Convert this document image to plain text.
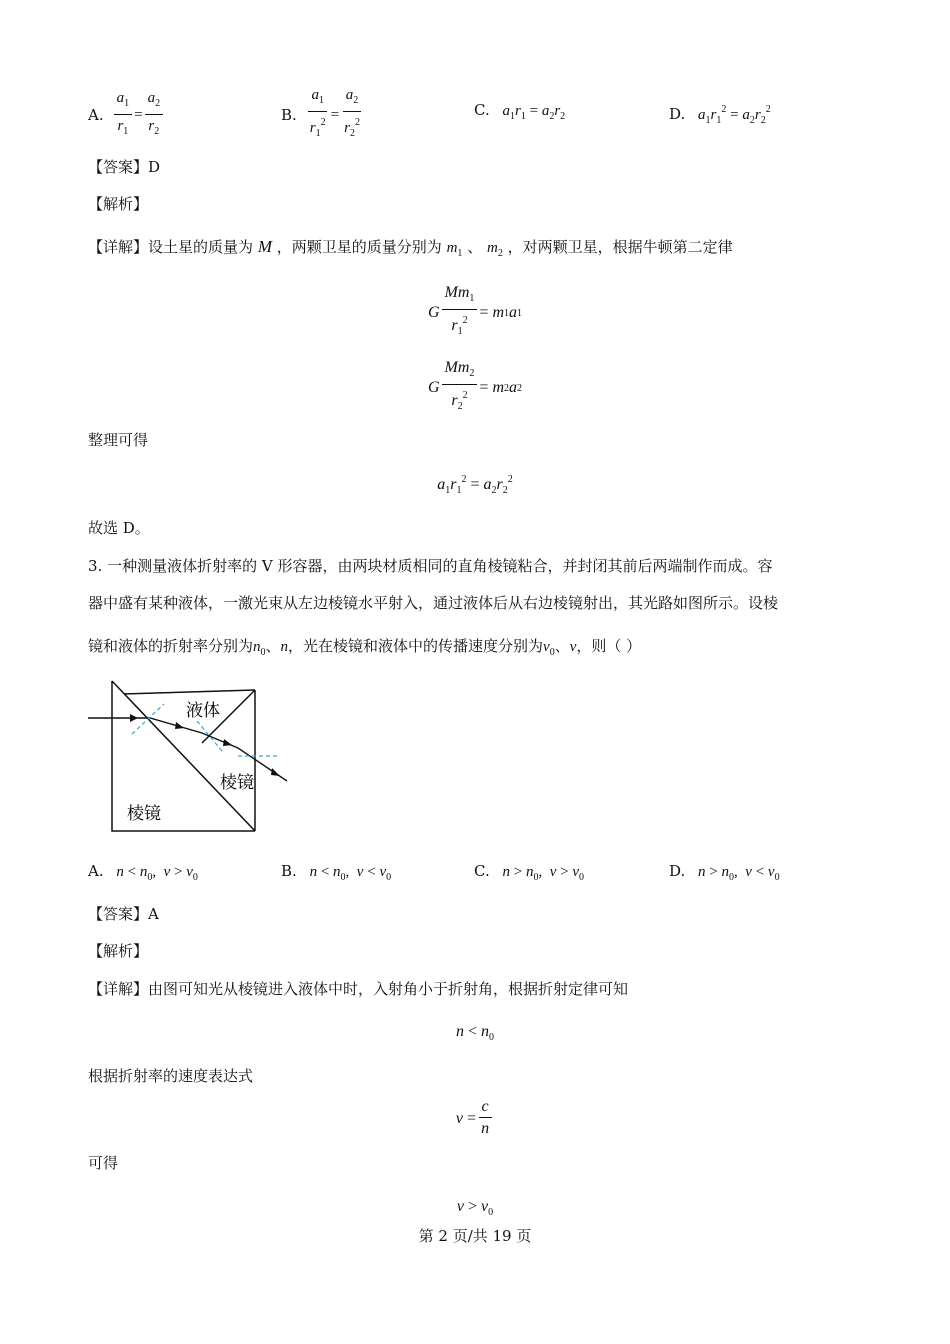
A. $\frac{a_1}{r_1} = \frac{a_2}{r_2}$	B. $\frac{a_1}{r_1^2} = \frac{a_2}{r_2^2}$	C. $a_1r_1 = a_2r_2$	D. $a_1r_1^2 = a_2r_2^2$
【答案】D
【解析】
【详解】设土星的质量为 M ，两颗卫星的质量分别为 $m_1$ 、 $m_2$ ，对两颗卫星，根据牛顿第二定律
G $\frac{Mm_1}{r_1^2} = m$ 1 a 1
G $\frac{Mm_2}{r_2^2} = m$ 2 a 2
整理可得
$a_1r_1^2 = a_2r_2^2$
故选 D。
3. 一种测量液体折射率的 V 形容器，由两块材质相同的直角棱镜粘合，并封闭其前后两端制作而成。容
器中盛有某种液体，一激光束从左边棱镜水平射入，通过液体后从右边棱镜射出，其光路如图所示。设棱
镜和液体的折射率分别为$n_0$、n，光在棱镜和液体中的传播速度分别为$v_0$、v，则（ ）
液体
棱镜
棱镜
A. $n < n_0$,  $v > v_0$	B. $n < n_0$,  $v < v_0$	C. $n > n_0$,  $v > v_0$	D. $n > n_0$,  $v < v_0$
【答案】A
【解析】
【详解】由图可知光从棱镜进入液体中时，入射角小于折射角，根据折射定律可知
$n < n_0$
根据折射率的速度表达式
$v = \frac{c}{n}$
可得
$v > v_0$
第 2 页/共 19 页
